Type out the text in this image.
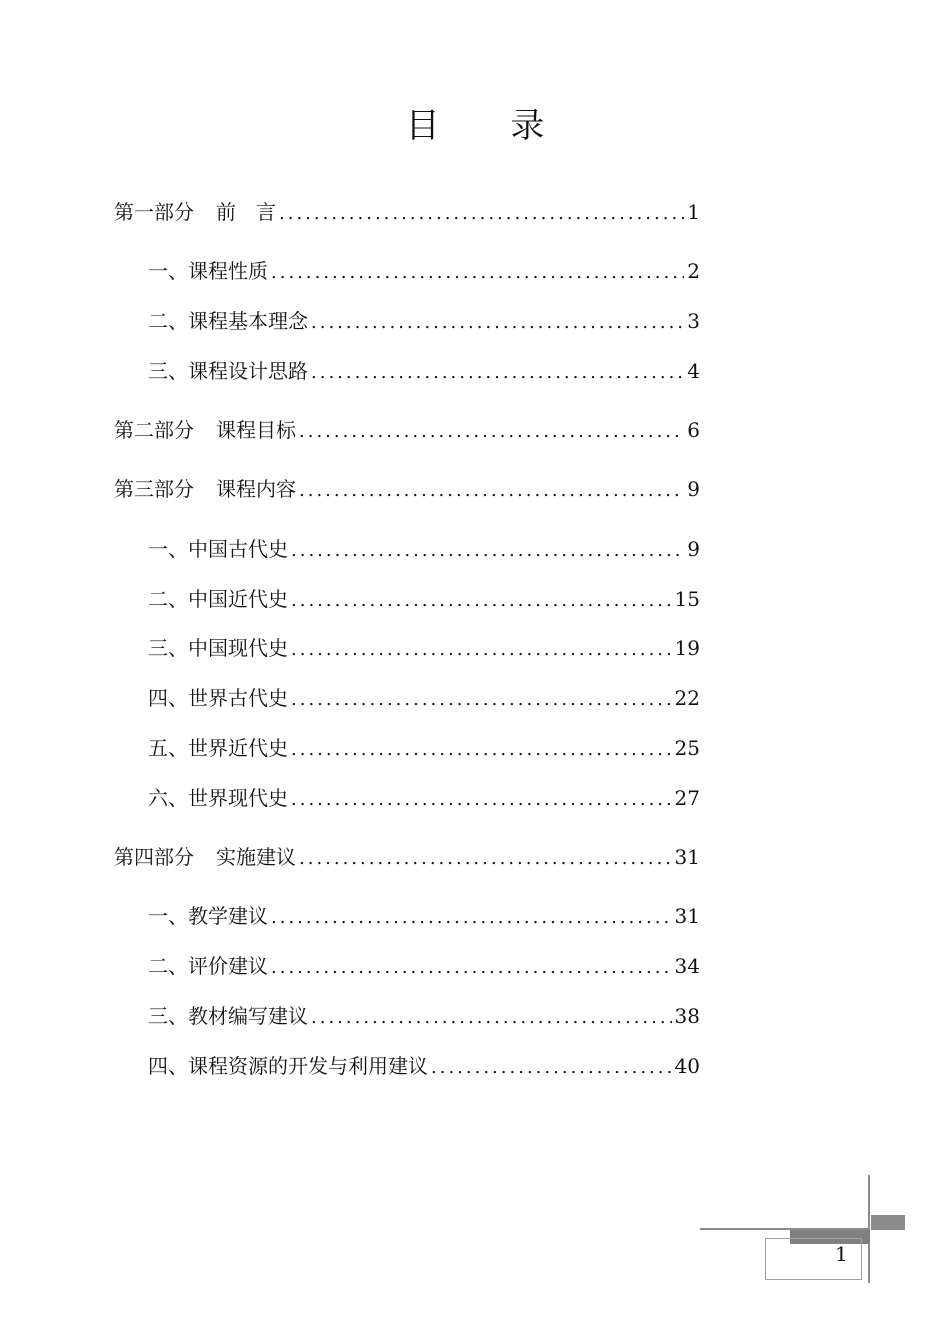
目 录
第一部分 前　言 .....	1
一、课程性质 .....	2
二、课程基本理念 .....	3
三、课程设计思路 .....	4
第二部分 课程目标 .....	6
第三部分 课程内容 .....	9
一、中国古代史 .....	9
二、中国近代史 .....	15
三、中国现代史 .....	19
四、世界古代史 .....	22
五、世界近代史 .....	25
六、世界现代史 .....	27
第四部分 实施建议 .....	31
一、教学建议 .....	31
二、评价建议 .....	34
三、教材编写建议 .....	38
四、课程资源的开发与利用建议 .....	40
1
